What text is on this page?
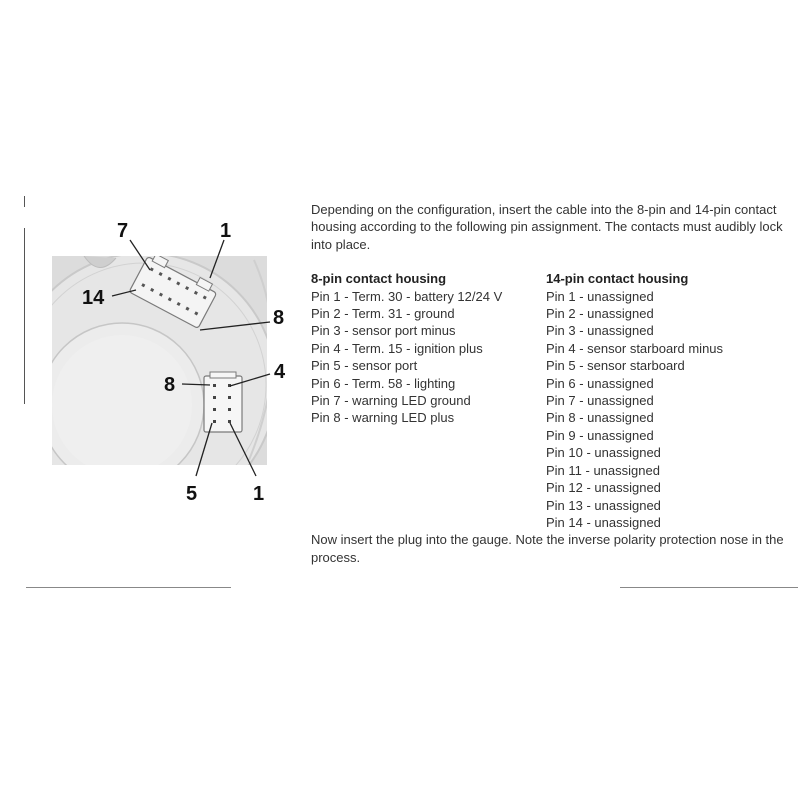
7	1
14
8
8
4
5	1

Depending on the configuration, insert the cable into the 8-pin and 14-pin contact housing according to the following pin assignment. The contacts must audibly lock into place.

8-pin contact housing
Pin 1 - Term. 30 - battery 12/24 V
Pin 2 - Term. 31 - ground
Pin 3 - sensor port minus
Pin 4 - Term. 15 - ignition plus
Pin 5 - sensor port
Pin 6 - Term. 58 - lighting
Pin 7 - warning LED ground
Pin 8 - warning LED plus
14-pin contact housing
Pin 1 - unassigned
Pin 2 - unassigned
Pin 3 - unassigned
Pin 4 - sensor starboard minus
Pin 5 - sensor starboard
Pin 6 - unassigned
Pin 7 - unassigned
Pin 8 - unassigned
Pin 9 - unassigned
Pin 10 - unassigned
Pin 11 - unassigned
Pin 12 - unassigned
Pin 13 - unassigned
Pin 14 - unassigned

Now insert the plug into the gauge. Note the inverse polarity protection nose in the process.
